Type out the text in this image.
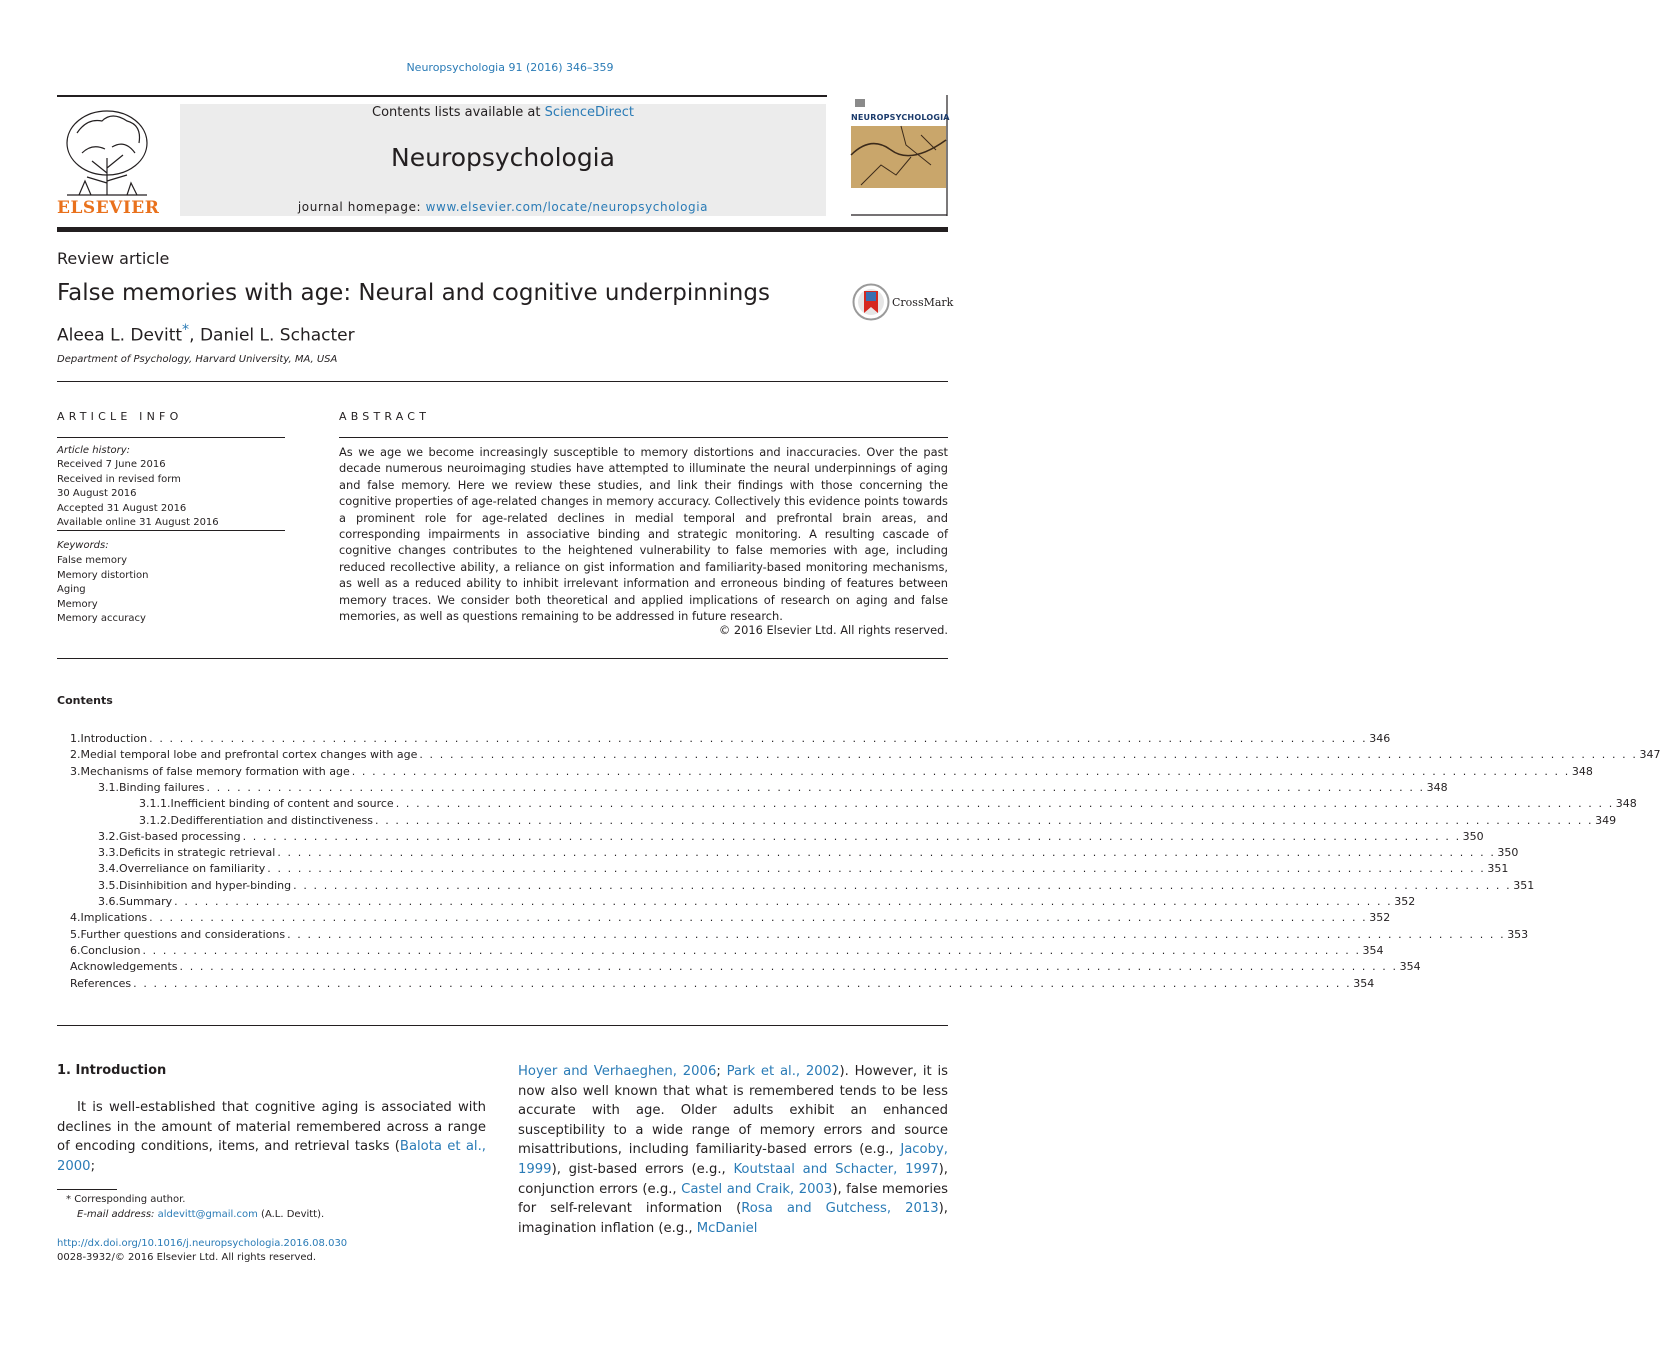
Neuropsychologia 91 (2016) 346–359
ELSEVIER
Contents lists available at ScienceDirect
Neuropsychologia
journal homepage: www.elsevier.com/locate/neuropsychologia
NEUROPSYCHOLOGIA
Review article
False memories with age: Neural and cognitive underpinnings
Aleea L. Devitt*, Daniel L. Schacter
Department of Psychology, Harvard University, MA, USA
CrossMark
ARTICLE INFO
Article history:
Received 7 June 2016
Received in revised form
30 August 2016
Accepted 31 August 2016
Available online 31 August 2016
Keywords:
False memory
Memory distortion
Aging
Memory
Memory accuracy
ABSTRACT
As we age we become increasingly susceptible to memory distortions and inaccuracies. Over the past decade numerous neuroimaging studies have attempted to illuminate the neural underpinnings of aging and false memory. Here we review these studies, and link their findings with those concerning the cognitive properties of age-related changes in memory accuracy. Collectively this evidence points towards a prominent role for age-related declines in medial temporal and prefrontal brain areas, and corresponding impairments in associative binding and strategic monitoring. A resulting cascade of cognitive changes contributes to the heightened vulnerability to false memories with age, including reduced recollective ability, a reliance on gist information and familiarity-based monitoring mechanisms, as well as a reduced ability to inhibit irrelevant information and erroneous binding of features between memory traces. We consider both theoretical and applied implications of research on aging and false memories, as well as questions remaining to be addressed in future research.
© 2016 Elsevier Ltd. All rights reserved.
Contents
1. Introduction . . . . . . . . . . . . . . . . . . . . . . . . . . . . . . . . . . . . . . . . . . . . . . . . . . . . . . . . . . . . . . . . . . . . . . . . . . . . . . . . . . . . . . . . . . . . . . . . . . . . . . . . . . . . . . . . . . . . . . . . 346
2. Medial temporal lobe and prefrontal cortex changes with age . . . . . . . . . . . . . . . . . . . . . . . . . . . . . . . . . . . . . . . . . . . . . . . . . . . . . . . . . . . . . . . . . . . . . . . . . . . . . . . . . . . . . . . . . . . . . . . . . . . . . . . . . . . . . . . . . . . . . . . . 347
3. Mechanisms of false memory formation with age . . . . . . . . . . . . . . . . . . . . . . . . . . . . . . . . . . . . . . . . . . . . . . . . . . . . . . . . . . . . . . . . . . . . . . . . . . . . . . . . . . . . . . . . . . . . . . . . . . . . . . . . . . . . . . . . . . . . . . . . 348
3.1. Binding failures . . . . . . . . . . . . . . . . . . . . . . . . . . . . . . . . . . . . . . . . . . . . . . . . . . . . . . . . . . . . . . . . . . . . . . . . . . . . . . . . . . . . . . . . . . . . . . . . . . . . . . . . . . . . . . . . . . . . . . . . 348
3.1.1. Inefficient binding of content and source . . . . . . . . . . . . . . . . . . . . . . . . . . . . . . . . . . . . . . . . . . . . . . . . . . . . . . . . . . . . . . . . . . . . . . . . . . . . . . . . . . . . . . . . . . . . . . . . . . . . . . . . . . . . . . . . . . . . . . . . 348
3.1.2. Dedifferentiation and distinctiveness . . . . . . . . . . . . . . . . . . . . . . . . . . . . . . . . . . . . . . . . . . . . . . . . . . . . . . . . . . . . . . . . . . . . . . . . . . . . . . . . . . . . . . . . . . . . . . . . . . . . . . . . . . . . . . . . . . . . . . . . 349
3.2. Gist-based processing . . . . . . . . . . . . . . . . . . . . . . . . . . . . . . . . . . . . . . . . . . . . . . . . . . . . . . . . . . . . . . . . . . . . . . . . . . . . . . . . . . . . . . . . . . . . . . . . . . . . . . . . . . . . . . . . . . . . . . . . 350
3.3. Deficits in strategic retrieval . . . . . . . . . . . . . . . . . . . . . . . . . . . . . . . . . . . . . . . . . . . . . . . . . . . . . . . . . . . . . . . . . . . . . . . . . . . . . . . . . . . . . . . . . . . . . . . . . . . . . . . . . . . . . . . . . . . . . . . . 350
3.4. Overreliance on familiarity . . . . . . . . . . . . . . . . . . . . . . . . . . . . . . . . . . . . . . . . . . . . . . . . . . . . . . . . . . . . . . . . . . . . . . . . . . . . . . . . . . . . . . . . . . . . . . . . . . . . . . . . . . . . . . . . . . . . . . . . 351
3.5. Disinhibition and hyper-binding . . . . . . . . . . . . . . . . . . . . . . . . . . . . . . . . . . . . . . . . . . . . . . . . . . . . . . . . . . . . . . . . . . . . . . . . . . . . . . . . . . . . . . . . . . . . . . . . . . . . . . . . . . . . . . . . . . . . . . . . 351
3.6. Summary . . . . . . . . . . . . . . . . . . . . . . . . . . . . . . . . . . . . . . . . . . . . . . . . . . . . . . . . . . . . . . . . . . . . . . . . . . . . . . . . . . . . . . . . . . . . . . . . . . . . . . . . . . . . . . . . . . . . . . . . 352
4. Implications . . . . . . . . . . . . . . . . . . . . . . . . . . . . . . . . . . . . . . . . . . . . . . . . . . . . . . . . . . . . . . . . . . . . . . . . . . . . . . . . . . . . . . . . . . . . . . . . . . . . . . . . . . . . . . . . . . . . . . . . 352
5. Further questions and considerations . . . . . . . . . . . . . . . . . . . . . . . . . . . . . . . . . . . . . . . . . . . . . . . . . . . . . . . . . . . . . . . . . . . . . . . . . . . . . . . . . . . . . . . . . . . . . . . . . . . . . . . . . . . . . . . . . . . . . . . . 353
6. Conclusion . . . . . . . . . . . . . . . . . . . . . . . . . . . . . . . . . . . . . . . . . . . . . . . . . . . . . . . . . . . . . . . . . . . . . . . . . . . . . . . . . . . . . . . . . . . . . . . . . . . . . . . . . . . . . . . . . . . . . . . . 354
Acknowledgements . . . . . . . . . . . . . . . . . . . . . . . . . . . . . . . . . . . . . . . . . . . . . . . . . . . . . . . . . . . . . . . . . . . . . . . . . . . . . . . . . . . . . . . . . . . . . . . . . . . . . . . . . . . . . . . . . . . . . . . . 354
References . . . . . . . . . . . . . . . . . . . . . . . . . . . . . . . . . . . . . . . . . . . . . . . . . . . . . . . . . . . . . . . . . . . . . . . . . . . . . . . . . . . . . . . . . . . . . . . . . . . . . . . . . . . . . . . . . . . . . . . . 354
1. Introduction
It is well-established that cognitive aging is associated with declines in the amount of material remembered across a range of encoding conditions, items, and retrieval tasks (Balota et al., 2000;
Hoyer and Verhaeghen, 2006; Park et al., 2002). However, it is now also well known that what is remembered tends to be less accurate with age. Older adults exhibit an enhanced susceptibility to a wide range of memory errors and source misattributions, including familiarity-based errors (e.g., Jacoby, 1999), gist-based errors (e.g., Koutstaal and Schacter, 1997), conjunction errors (e.g., Castel and Craik, 2003), false memories for self-relevant information (Rosa and Gutchess, 2013), imagination inflation (e.g., McDaniel
* Corresponding author.
E-mail address: aldevitt@gmail.com (A.L. Devitt).
http://dx.doi.org/10.1016/j.neuropsychologia.2016.08.030
0028-3932/© 2016 Elsevier Ltd. All rights reserved.
